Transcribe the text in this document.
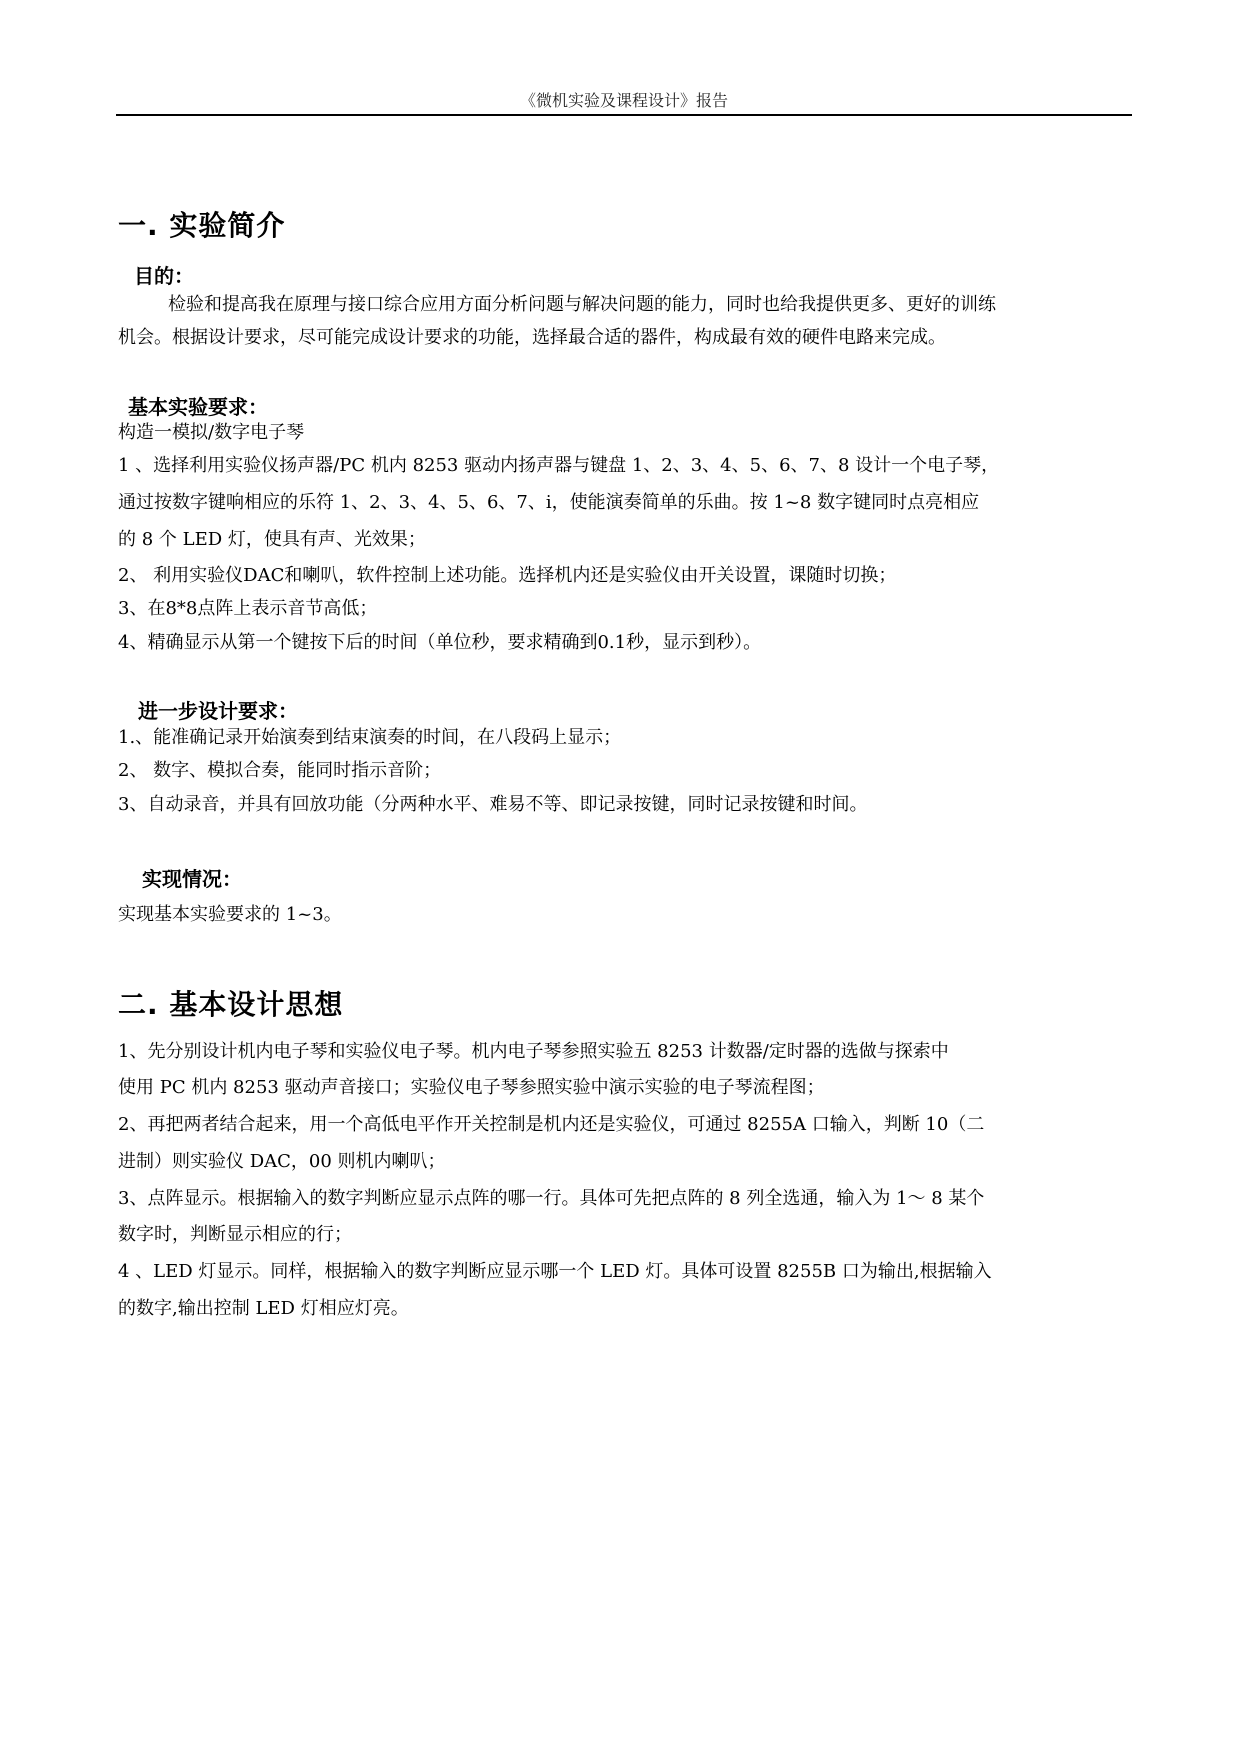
《微机实验及课程设计》报告
一. 实验简介
目的：
检验和提高我在原理与接口综合应用方面分析问题与解决问题的能力，同时也给我提供更多、更好的训练
机会。根据设计要求，尽可能完成设计要求的功能，选择最合适的器件，构成最有效的硬件电路来完成。
基本实验要求：
构造一模拟/数字电子琴
1 、选择利用实验仪扬声器/PC 机内 8253 驱动内扬声器与键盘 1、2、3、4、5、6、7、8 设计一个电子琴，
通过按数字键响相应的乐符 1、2、3、4、5、6、7、i，使能演奏简单的乐曲。按 1~8 数字键同时点亮相应
的 8 个 LED 灯，使具有声、光效果；
2、 利用实验仪DAC和喇叭，软件控制上述功能。选择机内还是实验仪由开关设置，课随时切换；
3、在8*8点阵上表示音节高低；
4、精确显示从第一个键按下后的时间（单位秒，要求精确到0.1秒，显示到秒）。
进一步设计要求：
1.、能准确记录开始演奏到结束演奏的时间，在八段码上显示；
2、 数字、模拟合奏，能同时指示音阶；
3、自动录音，并具有回放功能（分两种水平、难易不等、即记录按键，同时记录按键和时间。
实现情况：
实现基本实验要求的 1~3。
二. 基本设计思想
1、先分别设计机内电子琴和实验仪电子琴。机内电子琴参照实验五 8253 计数器/定时器的选做与探索中
使用 PC 机内 8253 驱动声音接口；实验仪电子琴参照实验中演示实验的电子琴流程图；
2、再把两者结合起来，用一个高低电平作开关控制是机内还是实验仪，可通过 8255A 口输入，判断 10（二
进制）则实验仪 DAC，00 则机内喇叭；
3、点阵显示。根据输入的数字判断应显示点阵的哪一行。具体可先把点阵的 8 列全选通，输入为 1～ 8 某个
数字时，判断显示相应的行；
4 、LED 灯显示。同样，根据输入的数字判断应显示哪一个 LED 灯。具体可设置 8255B 口为输出,根据输入
的数字,输出控制 LED 灯相应灯亮。
